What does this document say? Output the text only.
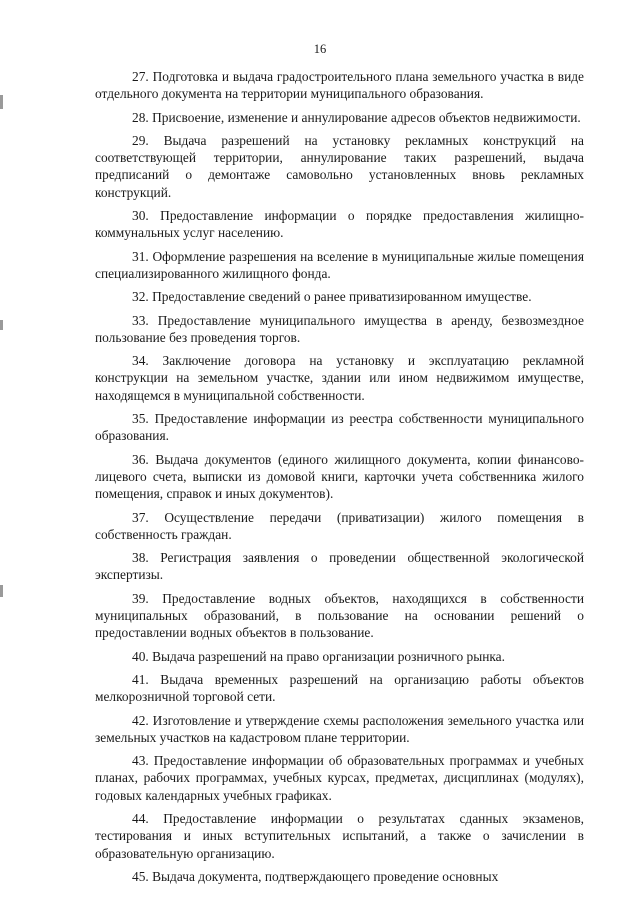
16

27. Подготовка и выдача градостроительного плана земельного участка в виде отдельного документа на территории муниципального образования.

28. Присвоение, изменение и аннулирование адресов объектов недвижимости.

29. Выдача разрешений на установку рекламных конструкций на соответствующей территории, аннулирование таких разрешений, выдача предписаний о демонтаже самовольно установленных вновь рекламных конструкций.

30. Предоставление информации о порядке предоставления жилищно-коммунальных услуг населению.

31. Оформление разрешения на вселение в муниципальные жилые помещения специализированного жилищного фонда.

32. Предоставление сведений о ранее приватизированном имуществе.

33. Предоставление муниципального имущества в аренду, безвозмездное пользование без проведения торгов.

34. Заключение договора на установку и эксплуатацию рекламной конструкции на земельном участке, здании или ином недвижимом имуществе, находящемся в муниципальной собственности.

35. Предоставление информации из реестра собственности муниципального образования.

36. Выдача документов (единого жилищного документа, копии финансово-лицевого счета, выписки из домовой книги, карточки учета собственника жилого помещения, справок и иных документов).

37. Осуществление передачи (приватизации) жилого помещения в собственность граждан.

38. Регистрация заявления о проведении общественной экологической экспертизы.

39. Предоставление водных объектов, находящихся в собственности муниципальных образований, в пользование на основании решений о предоставлении водных объектов в пользование.

40. Выдача разрешений на право организации розничного рынка.

41. Выдача временных разрешений на организацию работы объектов мелкорозничной торговой сети.

42. Изготовление и утверждение схемы расположения земельного участка или земельных участков на кадастровом плане территории.

43. Предоставление информации об образовательных программах и учебных планах, рабочих программах, учебных курсах, предметах, дисциплинах (модулях), годовых календарных учебных графиках.

44. Предоставление информации о результатах сданных экзаменов, тестирования и иных вступительных испытаний, а также о зачислении в образовательную организацию.

45. Выдача документа, подтверждающего проведение основных
